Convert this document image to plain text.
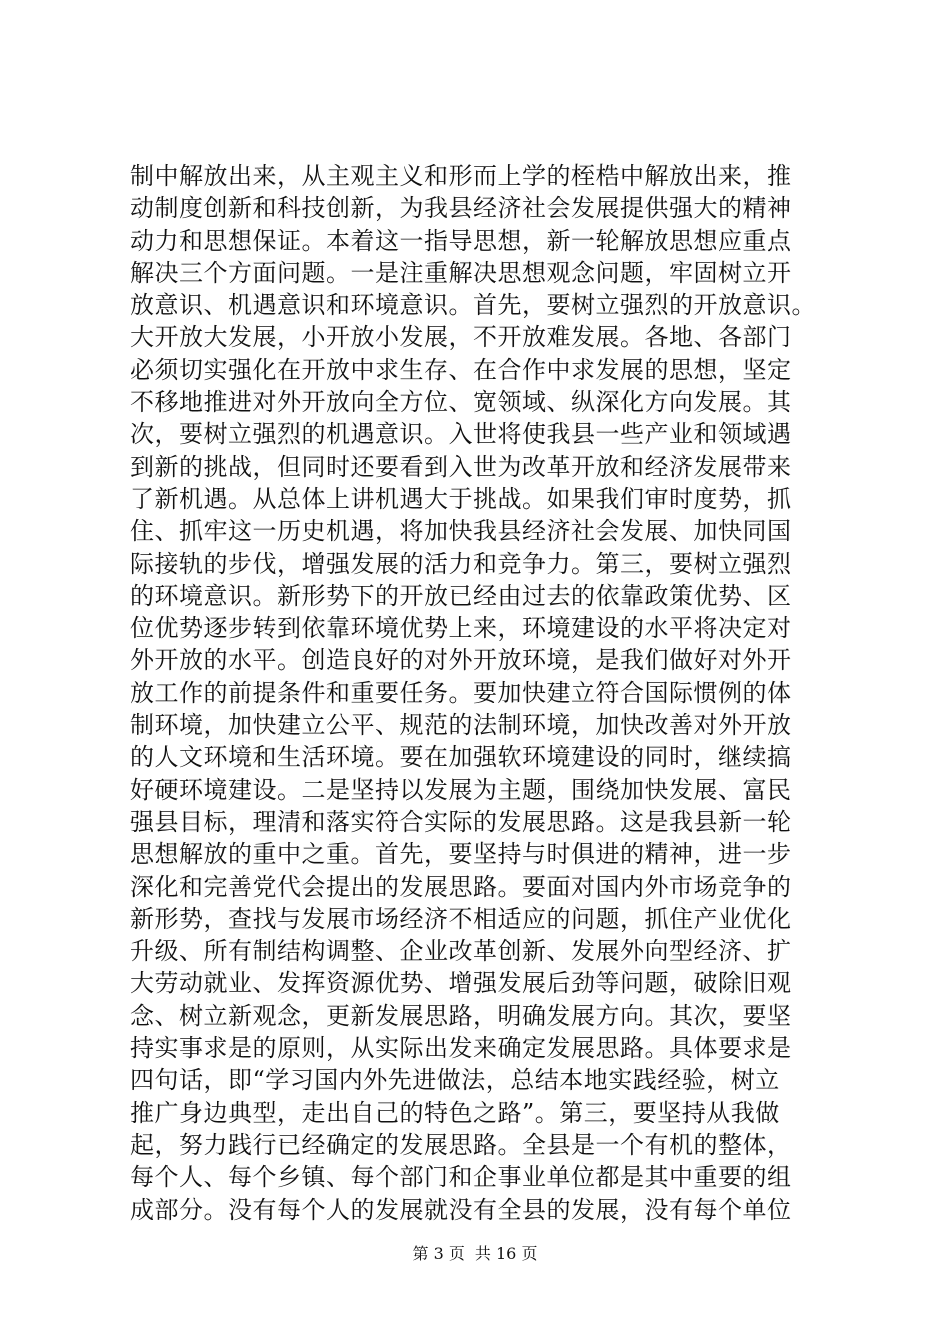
制中解放出来，从主观主义和形而上学的桎梏中解放出来，推
动制度创新和科技创新，为我县经济社会发展提供强大的精神
动力和思想保证。本着这一指导思想，新一轮解放思想应重点
解决三个方面问题。一是注重解决思想观念问题，牢固树立开
放意识、机遇意识和环境意识。首先，要树立强烈的开放意识。
大开放大发展，小开放小发展，不开放难发展。各地、各部门
必须切实强化在开放中求生存、在合作中求发展的思想，坚定
不移地推进对外开放向全方位、宽领域、纵深化方向发展。其
次，要树立强烈的机遇意识。入世将使我县一些产业和领域遇
到新的挑战，但同时还要看到入世为改革开放和经济发展带来
了新机遇。从总体上讲机遇大于挑战。如果我们审时度势，抓
住、抓牢这一历史机遇，将加快我县经济社会发展、加快同国
际接轨的步伐，增强发展的活力和竞争力。第三，要树立强烈
的环境意识。新形势下的开放已经由过去的依靠政策优势、区
位优势逐步转到依靠环境优势上来，环境建设的水平将决定对
外开放的水平。创造良好的对外开放环境，是我们做好对外开
放工作的前提条件和重要任务。要加快建立符合国际惯例的体
制环境，加快建立公平、规范的法制环境，加快改善对外开放
的人文环境和生活环境。要在加强软环境建设的同时，继续搞
好硬环境建设。二是坚持以发展为主题，围绕加快发展、富民
强县目标，理清和落实符合实际的发展思路。这是我县新一轮
思想解放的重中之重。首先，要坚持与时俱进的精神，进一步
深化和完善党代会提出的发展思路。要面对国内外市场竞争的
新形势，查找与发展市场经济不相适应的问题，抓住产业优化
升级、所有制结构调整、企业改革创新、发展外向型经济、扩
大劳动就业、发挥资源优势、增强发展后劲等问题，破除旧观
念、树立新观念，更新发展思路，明确发展方向。其次，要坚
持实事求是的原则，从实际出发来确定发展思路。具体要求是
四句话，即“学习国内外先进做法，总结本地实践经验，树立
推广身边典型，走出自己的特色之路”。第三，要坚持从我做
起，努力践行已经确定的发展思路。全县是一个有机的整体，
每个人、每个乡镇、每个部门和企事业单位都是其中重要的组
成部分。没有每个人的发展就没有全县的发展，没有每个单位
第 3 页 共 16 页
